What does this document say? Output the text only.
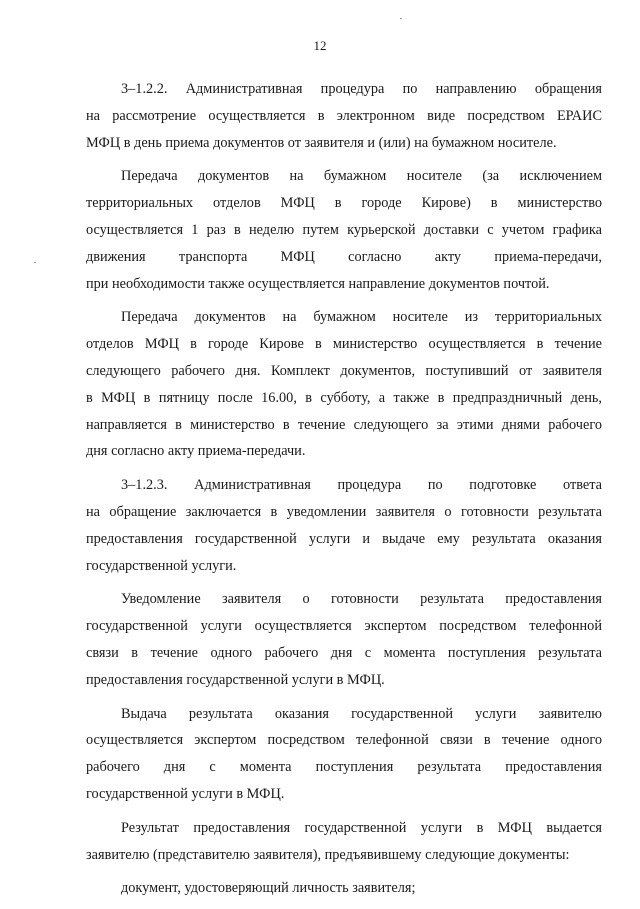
12

3–1.2.2. Административная процедура по направлению обращения
на рассмотрение осуществляется в электронном виде посредством ЕРАИС
МФЦ в день приема документов от заявителя и (или) на бумажном носителе.

Передача документов на бумажном носителе (за исключением
территориальных отделов МФЦ в городе Кирове) в министерство
осуществляется 1 раз в неделю путем курьерской доставки с учетом графика
движения транспорта МФЦ согласно акту приема-передачи,
при необходимости также осуществляется направление документов почтой.

Передача документов на бумажном носителе из территориальных
отделов МФЦ в городе Кирове в министерство осуществляется в течение
следующего рабочего дня. Комплект документов, поступивший от заявителя
в МФЦ в пятницу после 16.00, в субботу, а также в предпраздничный день,
направляется в министерство в течение следующего за этими днями рабочего
дня согласно акту приема-передачи.

3–1.2.3. Административная процедура по подготовке ответа
на обращение заключается в уведомлении заявителя о готовности результата
предоставления государственной услуги и выдаче ему результата оказания
государственной услуги.

Уведомление заявителя о готовности результата предоставления
государственной услуги осуществляется экспертом посредством телефонной
связи в течение одного рабочего дня с момента поступления результата
предоставления государственной услуги в МФЦ.

Выдача результата оказания государственной услуги заявителю
осуществляется экспертом посредством телефонной связи в течение одного
рабочего дня с момента поступления результата предоставления
государственной услуги в МФЦ.

Результат предоставления государственной услуги в МФЦ выдается
заявителю (представителю заявителя), предъявившему следующие документы:

документ, удостоверяющий личность заявителя;
